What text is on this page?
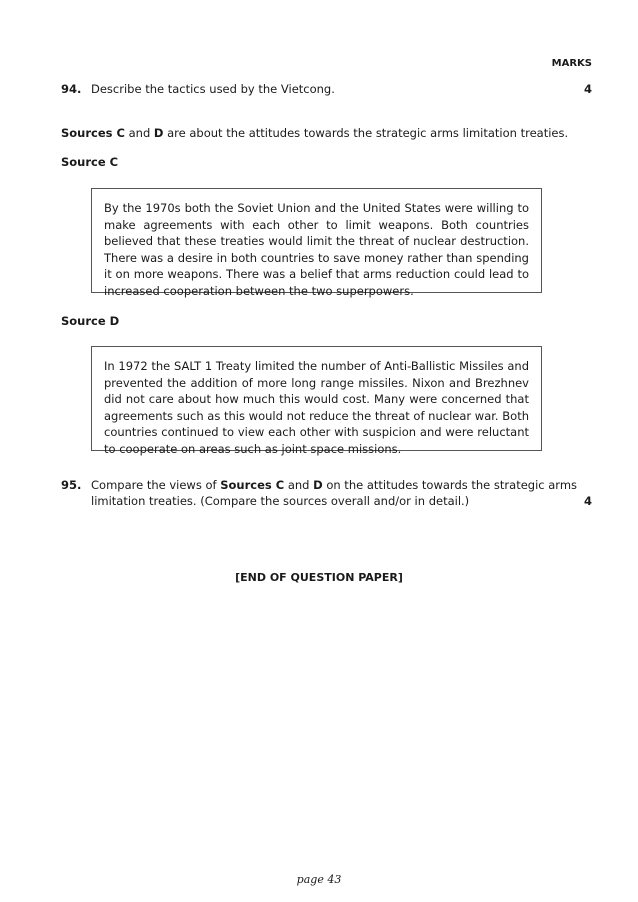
MARKS
94. Describe the tactics used by the Vietcong.	4
Sources C and D are about the attitudes towards the strategic arms limitation treaties.
Source C
By the 1970s both the Soviet Union and the United States were willing to make agreements with each other to limit weapons. Both countries believed that these treaties would limit the threat of nuclear destruction. There was a desire in both countries to save money rather than spending it on more weapons. There was a belief that arms reduction could lead to increased cooperation between the two superpowers.
Source D
In 1972 the SALT 1 Treaty limited the number of Anti-Ballistic Missiles and prevented the addition of more long range missiles. Nixon and Brezhnev did not care about how much this would cost. Many were concerned that agreements such as this would not reduce the threat of nuclear war. Both countries continued to view each other with suspicion and were reluctant to cooperate on areas such as joint space missions.
95. Compare the views of Sources C and D on the attitudes towards the strategic arms
limitation treaties. (Compare the sources overall and/or in detail.)	4
[END OF QUESTION PAPER]
page 43
